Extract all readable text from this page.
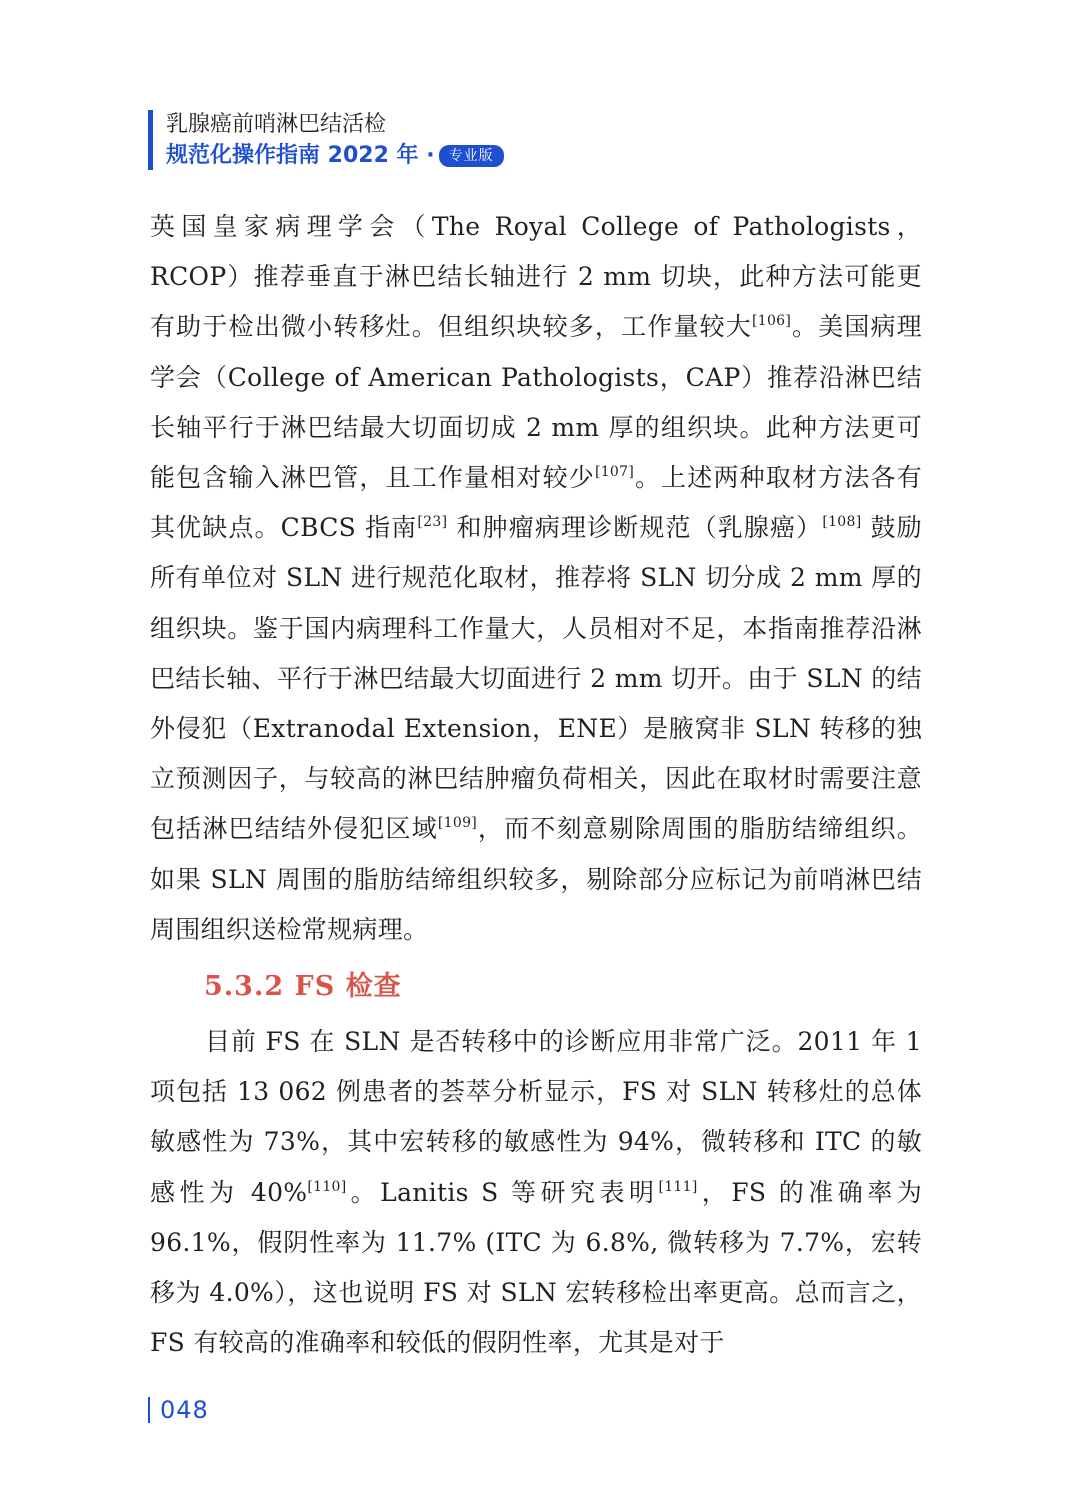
乳腺癌前哨淋巴结活检
规范化操作指南 2022 年 ·	专业版

英国皇家病理学会（The Royal College of Pathologists，RCOP）推荐垂直于淋巴结长轴进行 2 mm 切块，此种方法可能更有助于检出微小转移灶。但组织块较多，工作量较大[106]。美国病理学会（College of American Pathologists，CAP）推荐沿淋巴结长轴平行于淋巴结最大切面切成 2 mm 厚的组织块。此种方法更可能包含输入淋巴管，且工作量相对较少[107]。上述两种取材方法各有其优缺点。CBCS 指南[23] 和肿瘤病理诊断规范（乳腺癌）[108] 鼓励所有单位对 SLN 进行规范化取材，推荐将 SLN 切分成 2 mm 厚的组织块。鉴于国内病理科工作量大，人员相对不足，本指南推荐沿淋巴结长轴、平行于淋巴结最大切面进行 2 mm 切开。由于 SLN 的结外侵犯（Extranodal Extension，ENE）是腋窝非 SLN 转移的独立预测因子，与较高的淋巴结肿瘤负荷相关，因此在取材时需要注意包括淋巴结结外侵犯区域[109]，而不刻意剔除周围的脂肪结缔组织。如果 SLN 周围的脂肪结缔组织较多，剔除部分应标记为前哨淋巴结周围组织送检常规病理。

5.3.2 FS 检查

目前 FS 在 SLN 是否转移中的诊断应用非常广泛。2011 年 1 项包括 13 062 例患者的荟萃分析显示，FS 对 SLN 转移灶的总体敏感性为 73%，其中宏转移的敏感性为 94%，微转移和 ITC 的敏感性为 40%[110]。Lanitis S 等研究表明[111]，FS 的准确率为 96.1%，假阴性率为 11.7% (ITC 为 6.8%, 微转移为 7.7%，宏转移为 4.0%），这也说明 FS 对 SLN 宏转移检出率更高。总而言之，FS 有较高的准确率和较低的假阴性率，尤其是对于

048
